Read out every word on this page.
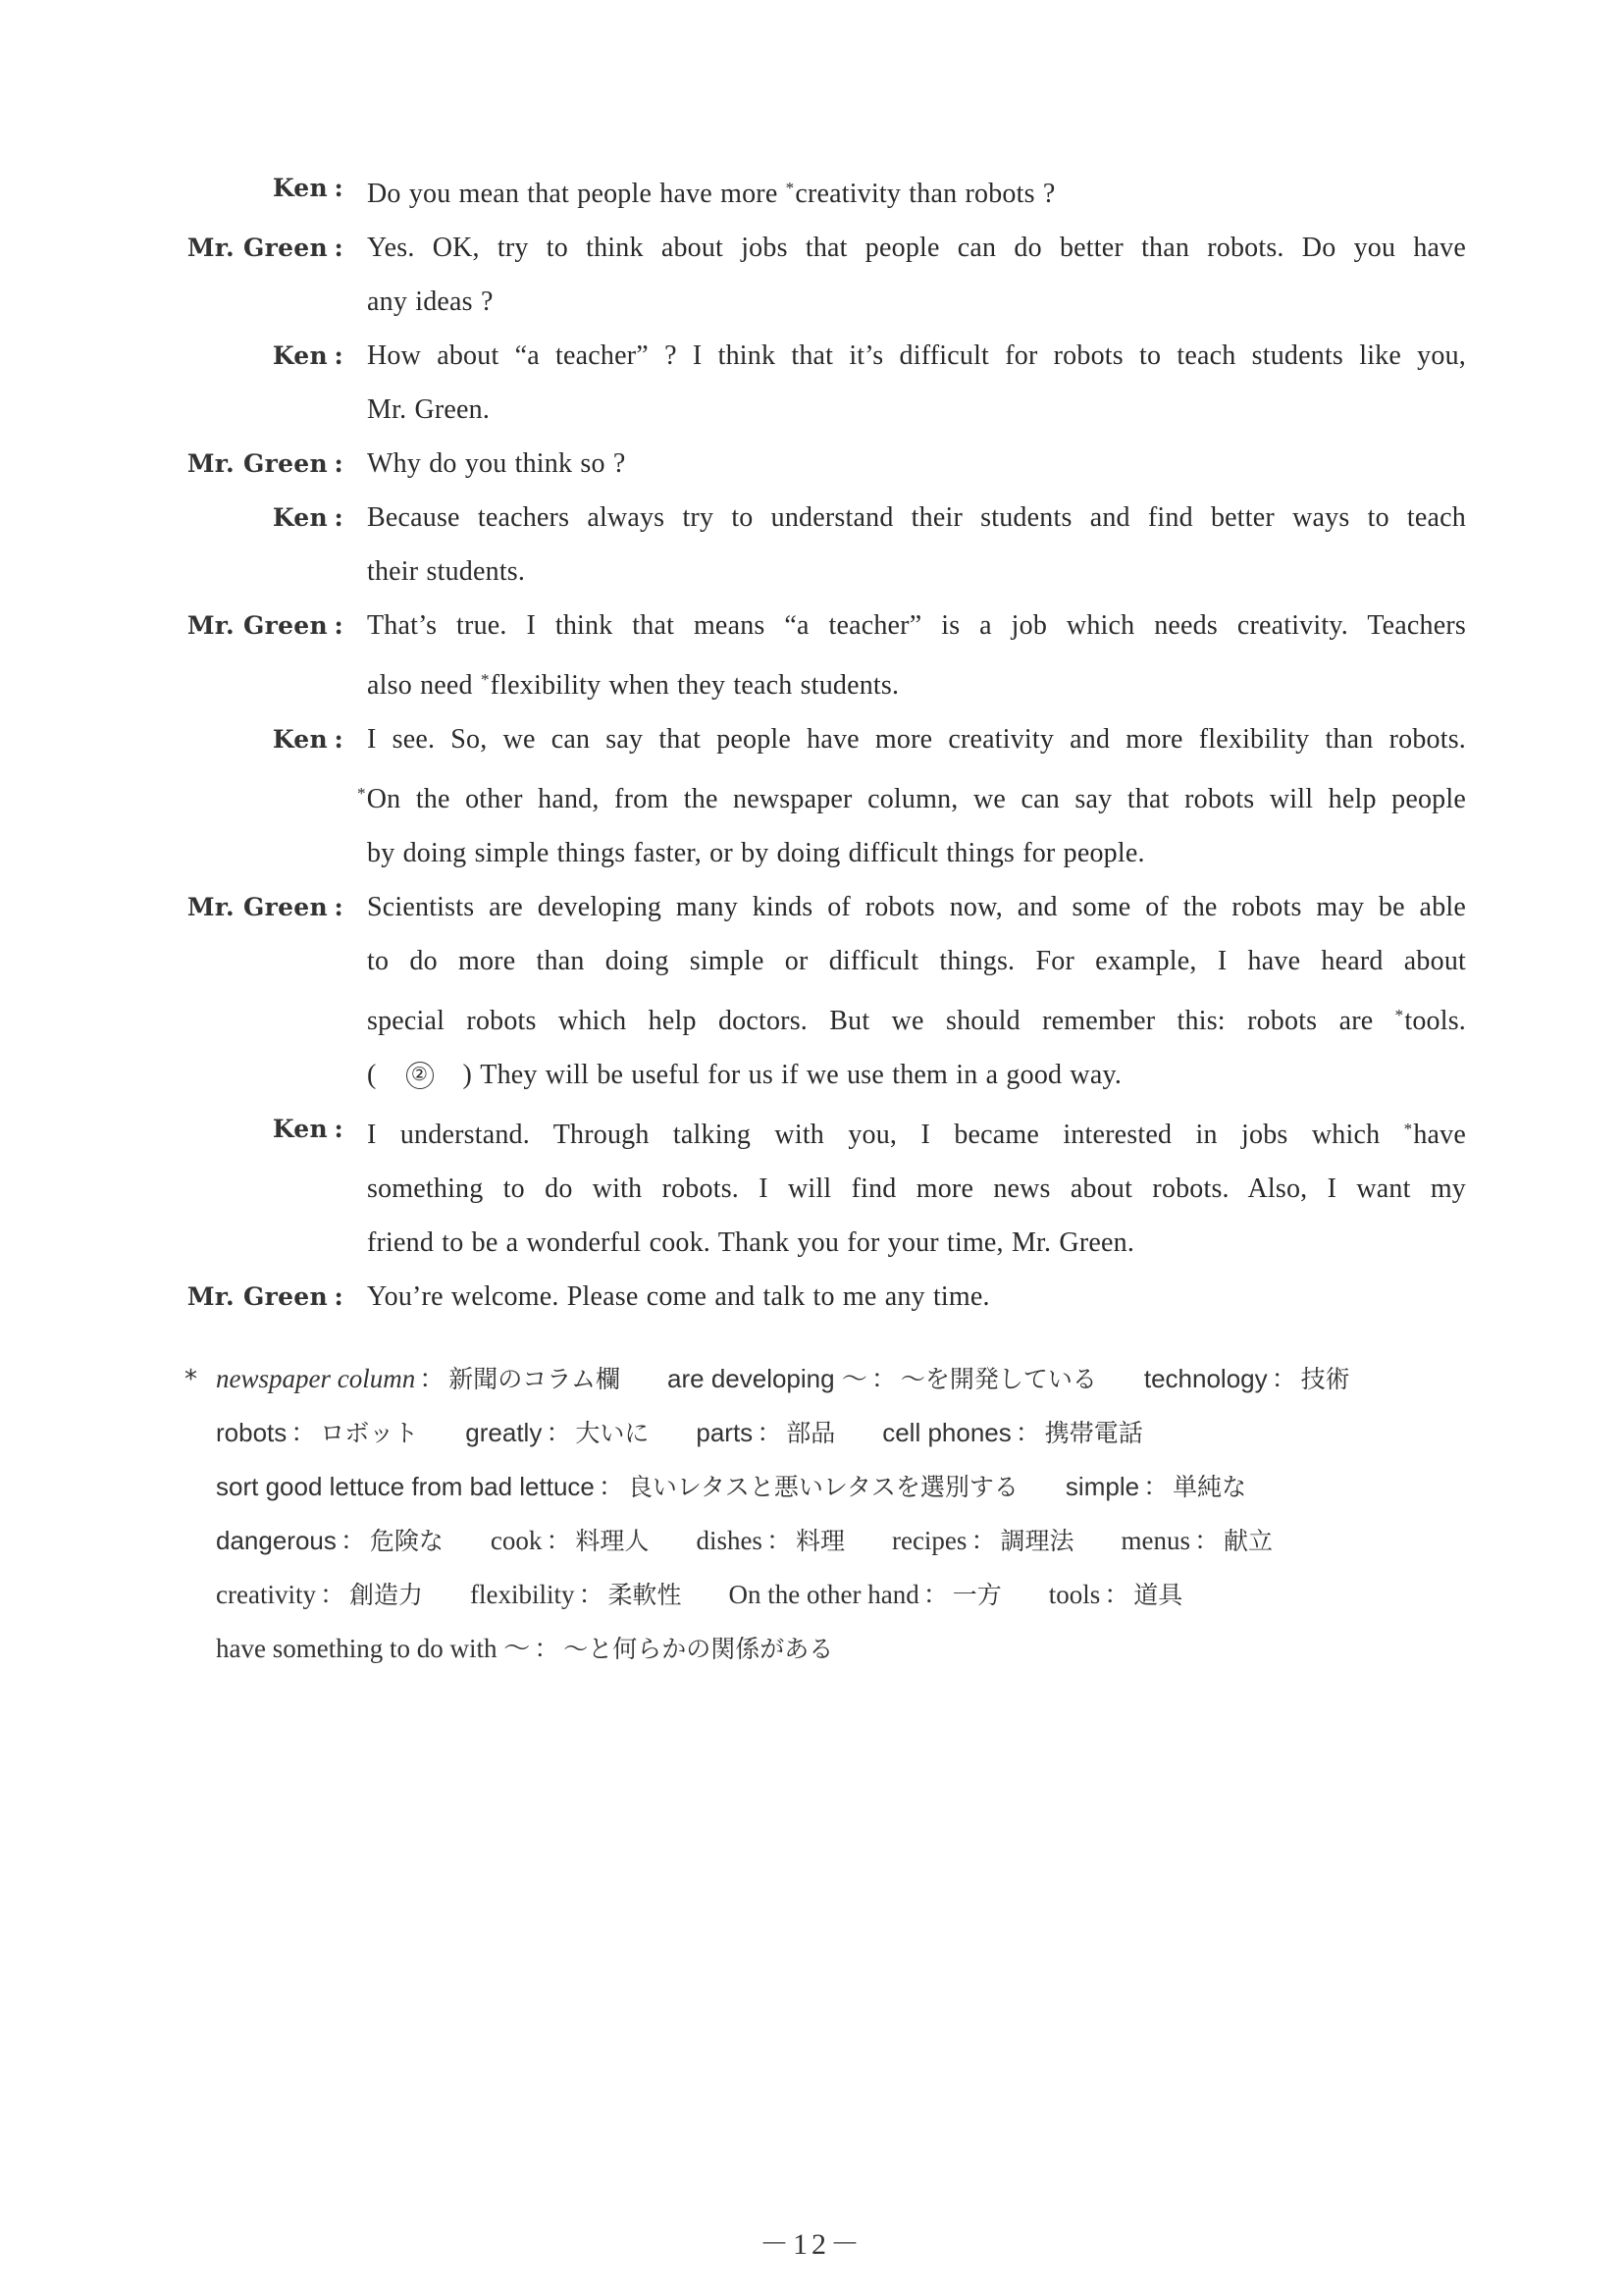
Ken : Do you mean that people have more *creativity than robots ?
Mr. Green : Yes. OK, try to think about jobs that people can do better than robots. Do you have
any ideas ?
Ken : How about “a teacher” ? I think that it’s difficult for robots to teach students like you,
Mr. Green.
Mr. Green : Why do you think so ?
Ken : Because teachers always try to understand their students and find better ways to teach
their students.
Mr. Green : That’s true. I think that means “a teacher” is a job which needs creativity. Teachers
also need *flexibility when they teach students.
Ken : I see. So, we can say that people have more creativity and more flexibility than robots.
*On the other hand, from the newspaper column, we can say that robots will help people
by doing simple things faster, or by doing difficult things for people.
Mr. Green : Scientists are developing many kinds of robots now, and some of the robots may be able
to do more than doing simple or difficult things. For example, I have heard about
special robots which help doctors. But we should remember this: robots are *tools.
( ② ) They will be useful for us if we use them in a good way.
Ken : I understand. Through talking with you, I became interested in jobs which *have
something to do with robots. I will find more news about robots. Also, I want my
friend to be a wonderful cook. Thank you for your time, Mr. Green.
Mr. Green : You’re welcome. Please come and talk to me any time.
* newspaper column ： 新聞のコラム欄 are developing ～ ： ～を開発している technology ： 技術
robots ： ロボット greatly ： 大いに parts ： 部品 cell phones ： 携帯電話
sort good lettuce from bad lettuce ： 良いレタスと悪いレタスを選別する simple ： 単純な
dangerous ： 危険な cook ： 料理人 dishes ： 料理 recipes ： 調理法 menus ： 献立
creativity ： 創造力 flexibility ： 柔軟性 On the other hand ： 一方 tools ： 道具
have something to do with ～ ： ～と何らかの関係がある
－12－
